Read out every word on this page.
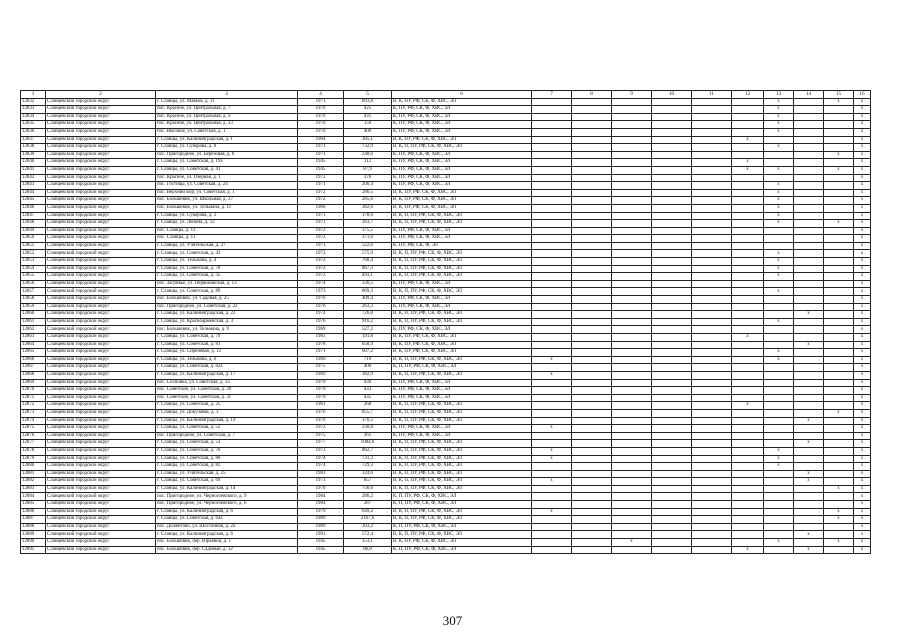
1	2	3	4	5	6	7	8	9	10	11	12	13	14	15	16
12832	Сланцевский городской округ	г. Сланцы, ул. Маяков, д. 11	1971	893,8	В, К, ПУ, РФ, СК, Ф, ХВС, ЭЛ							x		x	x
12833	Сланцевский городской округ	пос. Красное, ул. Центральная, д. 7	1970	425	К, ПУ, РФ, СК, Ф, ХВС, ЭЛ							x			x
12834	Сланцевский городской округ	пос. Красное, ул. Центральная, д. 9	1970	431	К, ПУ, РФ, СК, Ф, ХВС, ЭЛ							x			x
12835	Сланцевский городской округ	пос. Красное, ул. Центральная, д. 23	1970	150	К, ПУ, РФ, СК, Ф, ХВС, ЭЛ							x			x
12836	Сланцевский городской округ	пос. Высокое, ул. Советская, д. 1	1970	400	К, ПУ, РФ, СК, Ф, ХВС, ЭЛ							x			x
12837	Сланцевский городской округ	г. Сланцы, ул. Калининградская, д. 1	1964	305,1	В, К, ПУ, РФ, СК, Ф, ХВС, ЭЛ						x				x
12838	Сланцевский городской округ	г. Сланцы, ул. Суворова, д. 8	1971	732,9	В, К, П, ПУ, РФ, СК, Ф, ХВС, ЭЛ							x			x
12839	Сланцевский городской округ	пос. Пригородное, ул. Березовая, д. 8	1971	248,6	К, ПУ, РФ, СК, Ф, ХВС, ЭЛ									x	x
12840	Сланцевский городской округ	г. Сланцы, ул. Советская, д. 19а	1945	112	К, ПУ, РФ, СК, Ф, ХВС, ЭЛ						x				x
12841	Сланцевский городской округ	г. Сланцы, ул. Советская, д. 41	1945	87,9	К, ПУ, РФ, СК, Ф, ХВС, ЭЛ						x	x		x	x
12842	Сланцевский городской округ	пос. Красное, ул. Озерная, д. 1	1972	370	К, ПУ, РФ, СК, Ф, ХВС, ЭЛ										x
12843	Сланцевский городской округ	пос. Гостицы, ул. Советская, д. 24	1971	206,4	К, ПУ, РФ, СК, Ф, ХВС, ЭЛ							x			x
12844	Сланцевский городской округ	пос. Верхний Бор, ул. Советская, д. 1	1972	286,5	В, К, ПУ, РФ, СК, Ф, ХВС, ЭЛ							x			x
12845	Сланцевский городской округ	пос. Большевик, ул. Школьная, д. 27	1972	285,6	В, К, ПУ, РФ, СК, Ф, ХВС, ЭЛ							x			x
12846	Сланцевский городской округ	пос. Большевик, ул. Тельмана, д. 11	1966	382,6	В, К, ПУ, РФ, СК, Ф, ХВС, ЭЛ							x			x
12847	Сланцевский городской округ	г. Сланцы, ул. Суворова, д. 2	1971	178,6	В, К, П, ПУ, РФ, СК, Ф, ХВС, ЭЛ							x			x
12848	Сланцевский городской округ	г. Сланцы, ул. Ленина, д. 12	1971	363,7	В, К, П, ПУ, РФ, СК, Ф, ХВС, ЭЛ							x		x	x
12849	Сланцевский городской округ	пос. Сланцы, д. 13	1972	375,5	К, ПУ, РФ, СК, Ф, ХВС, ЭЛ										x
12850	Сланцевский городской округ	пос. Сланцы, д. 11	1972	371,6	К, ПУ, РФ, СК, Ф, ХВС, ЭЛ										x
12851	Сланцевский городской округ	г. Сланцы, ул. Учительская, д. 27	1971	522,6	К, ПУ, РФ, СК, Ф, ЭЛ										x
12852	Сланцевский городской округ	г. Сланцы, ул. Советская, д. 43	1972	575,9	В, К, П, ПУ, РФ, СК, Ф, ХВС, ЭЛ							x			x
12853	Сланцевский городской округ	г. Сланцы, ул. Тельмана, д. 4	1972	768,4	В, К, П, ПУ, РФ, СК, Ф, ХВС, ЭЛ							x			x
12854	Сланцевский городской округ	г. Сланцы, ул. Советская, д. 78	1972	867,3	В, К, П, ПУ, РФ, СК, Ф, ХВС, ЭЛ							x			x
12855	Сланцевский городской округ	г. Сланцы, ул. Советская, д. 35	1972	493,1	В, К, П, ПУ, РФ, СК, Ф, ХВС, ЭЛ							x			x
12856	Сланцевский городской округ	пос. Загривье, ул. Первомайская, д. 13	1974	330,5	К, ПУ, РФ, СК, Ф, ХВС, ЭЛ										x
12857	Сланцевский городской округ	г. Сланцы, ул. Советская, д. 89	1973	869,3	В, К, П, ПУ, РФ, СК, Ф, ХВС, ЭЛ							x			x
12858	Сланцевский городской округ	пос. Большевик, ул. Садовая, д. 25	1976	409,4	К, ПУ, РФ, СК, Ф, ХВС, ЭЛ										x
12859	Сланцевский городской округ	пос. Пригородное, ул. Советская, д. 22	1970	263,3	К, ПУ, РФ, СК, Ф, ХВС, ЭЛ										x
12860	Сланцевский городской округ	г. Сланцы, ул. Калининградская, д. 22	1974	726,8	В, К, П, ПУ, РФ, СК, Ф, ХВС, ЭЛ								x		x
12861	Сланцевский городской округ	г. Сланцы, ул. Красноармейская, д. 3	1976	916,2	В, К, П, ПУ, РФ, СК, Ф, ХВС, ЭЛ							x			x
12862	Сланцевский городской округ	пос. Большевик, ул. Тельмана, д. 9	1969	527,2	К, ПУ, РФ, СК, Ф, ХВС, ЭЛ										x
12863	Сланцевский городской округ	г. Сланцы, ул. Советская, д. 79	1981	191,8	В, К, ПУ, РФ, СК, Ф, ХВС, ЭЛ						x				x
12864	Сланцевский городской округ	г. Сланцы, ул. Советская, д. 81	1978	658,9	В, К, ПУ, РФ, СК, Ф, ХВС, ЭЛ								x		x
12865	Сланцевский городской округ	г. Сланцы, ул. Сиреневая, д. 12	1971	607,2	В, К, ПУ, РФ, СК, Ф, ХВС, ЭЛ							x			x
12866	Сланцевский городской округ	г. Сланцы, ул. Тельмана, д. 6	1969	719	В, К, П, ПУ, РФ, СК, Ф, ХВС, ЭЛ	x						x			x
12867	Сланцевский городской округ	г. Сланцы, ул. Советская, д. 62а	1975	400	К, П, ПУ, РФ, СК, Ф, ХВС, ЭЛ										x
12868	Сланцевский городской округ	г. Сланцы, ул. Калининградская, д. 17	1969	382,9	В, К, П, ПУ, РФ, СК, Ф, ХВС, ЭЛ	x									x
12869	Сланцевский городской округ	пос. Сосновка, ул. Советская, д. 33	1979	430	К, ПУ, РФ, СК, Ф, ХВС, ЭЛ										x
12870	Сланцевский городской округ	пос. Советское, ул. Советская, д. 39	1979	433	К, ПУ, РФ, СК, Ф, ХВС, ЭЛ										x
12871	Сланцевский городской округ	пос. Советское, ул. Советская, д. 31	1979	435	К, ПУ, РФ, СК, Ф, ХВС, ЭЛ										x
12872	Сланцевский городской округ	г. Сланцы, ул. Советская, д. 25	1961	268	В, К, П, ПУ, РФ, СК, Ф, ХВС, ЭЛ						x				x
12873	Сланцевский городской округ	г. Сланцы, ул. Докучаева, д. 3	1976	855,7	В, К, П, ПУ, РФ, СК, Ф, ХВС, ЭЛ									x	x
12874	Сланцевский городской округ	г. Сланцы, ул. Калининградская, д. 19	1970	370,5	В, К, П, ПУ, РФ, СК, Ф, ХВС, ЭЛ								x		x
12875	Сланцевский городской округ	г. Сланцы, ул. Советская, д. 52	1972	230,8	К, ПУ, РФ, СК, Ф, ХВС, ЭЛ	x									x
12876	Сланцевский городской округ	пос. Пригородное, ул. Советская, д. 7	1975	361	К, ПУ, РФ, СК, Ф, ХВС, ЭЛ										x
12877	Сланцевский городской округ	г. Сланцы, ул. Советская, д. 53	1977	1084,6	В, К, П, ПУ, РФ, СК, Ф, ХВС, ЭЛ								x		x
12878	Сланцевский городской округ	г. Сланцы, ул. Советская, д. 76	1973	882,7	В, К, П, ПУ, РФ, СК, Ф, ХВС, ЭЛ	x						x			x
12879	Сланцевский городской округ	г. Сланцы, ул. Советская, д. 80	1974	731,3	В, К, П, ПУ, РФ, СК, Ф, ХВС, ЭЛ	x						x			x
12880	Сланцевский городской округ	г. Сланцы, ул. Советская, д. 82	1974	729,3	В, К, П, ПУ, РФ, СК, Ф, ХВС, ЭЛ							x			x
12881	Сланцевский городской округ	г. Сланцы, ул. Учительская, д. 25	1983	124,6	В, К, П, ПУ, РФ, СК, Ф, ХВС, ЭЛ								x		x
12882	Сланцевский городской округ	г. Сланцы, ул. Советская, д. 69	1973	857	В, К, П, ПУ, РФ, СК, Ф, ХВС, ЭЛ	x							x		x
12883	Сланцевский городской округ	г. Сланцы, ул. Калининградская, д. 14	1970	756,6	В, К, П, ПУ, РФ, СК, Ф, ХВС, ЭЛ									x	x
12884	Сланцевский городской округ	пос. Пригородное, ул. Черногоевского, д. 9	1984	286,2	К, П, ПУ, РФ, СК, Ф, ХВС, ЭЛ										x
12885	Сланцевский городской округ	пос. Пригородное, ул. Черногоевского, д. 6	1984	287	К, П, ПУ, РФ, СК, Ф, ХВС, ЭЛ										x
12886	Сланцевский городской округ	г. Сланцы, ул. Калининградская, д. 6	1979	649,2	В, К, П, ПУ, РФ, СК, Ф, ХВС, ЭЛ	x								x	x
12887	Сланцевский городской округ	г. Сланцы, ул. Советская, д. 64а	1989	2167,6	В, К, П, ПУ, РФ, СК, Ф, ХВС, ЭЛ									x	x
12888	Сланцевский городской округ	пос. Должетово, ул. Шоссейная, д. 2а	1989	303,2	К, П, ПУ, РФ, СК, Ф, ХВС, ЭЛ										x
12889	Сланцевский городской округ	г. Сланцы, ул. Калининградская, д. 6	1991	572,4	В, К, П, ПУ, РФ, СК, Ф, ХВС, ЭЛ								x		x
12890	Сланцевский городской округ	пос. Большевик, пер. Юрьевой, д. 1	1945	153,1	В, К, ПУ, РФ, СК, Ф, ХВС, ЭЛ			x				x		x	x
12891	Сланцевский городской округ	пос. Большевик, пер. Садовый, д. 12	1945	86,8	К, П, ПУ, РФ, СК, Ф, ХВС, ЭЛ						x		x		x
307
